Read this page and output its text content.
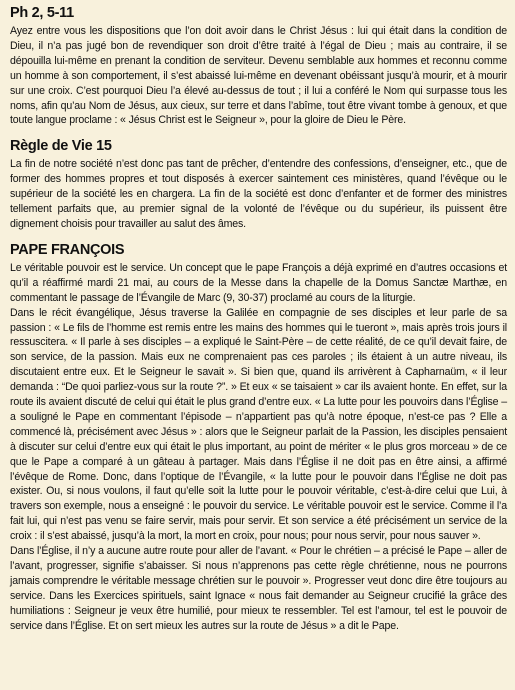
Ph 2, 5-11

Ayez entre vous les dispositions que l’on doit avoir dans le Christ Jésus : lui qui était dans la condition de Dieu, il n’a pas jugé bon de revendiquer son droit d’être traité à l’égal de Dieu ; mais au contraire, il se dépouilla lui-même en prenant la condition de serviteur. Devenu semblable aux hommes et reconnu comme un homme à son comportement, il s’est abaissé lui-même en devenant obéissant jusqu’à mourir, et à mourir sur une croix. C’est pourquoi Dieu l’a élevé au-dessus de tout ; il lui a conféré le Nom qui surpasse tous les noms, afin qu’au Nom de Jésus, aux cieux, sur terre et dans l’abîme, tout être vivant tombe à genoux, et que toute langue proclame : « Jésus Christ est le Seigneur », pour la gloire de Dieu le Père.

Règle de Vie 15

La fin de notre société n’est donc pas tant de prêcher, d’entendre des confessions, d’enseigner, etc., que de former des hommes propres et tout disposés à exercer saintement ces ministères, quand l’évêque ou le supérieur de la société les en chargera. La fin de la société est donc d’enfanter et de former des ministres tellement parfaits que, au premier signal de la volonté de l’évêque ou du supérieur, ils puissent être dignement choisis pour travailler au salut des âmes.

PAPE FRANÇOIS

Le véritable pouvoir est le service. Un concept que le pape François a déjà exprimé en d’autres occasions et qu’il a réaffirmé mardi 21 mai, au cours de la Messe dans la chapelle de la Domus Sanctæ Marthæ, en commentant le passage de l’Évangile de Marc (9, 30-37) proclamé au cours de la liturgie.

Dans le récit évangélique, Jésus traverse la Galilée en compagnie de ses disciples et leur parle de sa passion : « Le fils de l’homme est remis entre les mains des hommes qui le tueront », mais après trois jours il ressuscitera. « Il parle à ses disciples – a expliqué le Saint-Père – de cette réalité, de ce qu’il devait faire, de son service, de la passion. Mais eux ne comprenaient pas ces paroles ; ils étaient à un autre niveau, ils discutaient entre eux. Et le Seigneur le savait ». Si bien que, quand ils arrivèrent à Capharnaüm, « il leur demanda : “De quoi parliez-vous sur la route ?”. » Et eux « se taisaient » car ils avaient honte. En effet, sur la route ils avaient discuté de celui qui était le plus grand d’entre eux. « La lutte pour les pouvoirs dans l’Église – a souligné le Pape en commentant l’épisode – n’appartient pas qu’à notre époque, n’est-ce pas ? Elle a commencé là, précisément avec Jésus » : alors que le Seigneur parlait de la Passion, les disciples pensaient à discuter sur celui d’entre eux qui était le plus important, au point de mériter « le plus gros morceau » de ce que le Pape a comparé à un gâteau à partager. Mais dans l’Église il ne doit pas en être ainsi, a affirmé l’évêque de Rome. Donc, dans l’optique de l’Évangile, « la lutte pour le pouvoir dans l’Église ne doit pas exister. Ou, si nous voulons, il faut qu’elle soit la lutte pour le pouvoir véritable, c’est-à-dire celui que Lui, à travers son exemple, nous a enseigné : le pouvoir du service. Le véritable pouvoir est le service. Comme il l’a fait lui, qui n’est pas venu se faire servir, mais pour servir. Et son service a été précisément un service de la croix : il s’est abaissé, jusqu’à la mort, la mort en croix, pour nous; pour nous servir, pour nous sauver ».

Dans l’Église, il n’y a aucune autre route pour aller de l’avant. « Pour le chrétien – a précisé le Pape – aller de l’avant, progresser, signifie s’abaisser. Si nous n’apprenons pas cette règle chrétienne, nous ne pourrons jamais comprendre le véritable message chrétien sur le pouvoir ». Progresser veut donc dire être toujours au service. Dans les Exercices spirituels, saint Ignace « nous fait demander au Seigneur crucifié la grâce des humiliations : Seigneur je veux être humilié, pour mieux te ressembler. Tel est l’amour, tel est le pouvoir de service dans l’Église. Et on sert mieux les autres sur la route de Jésus » a dit le Pape.
